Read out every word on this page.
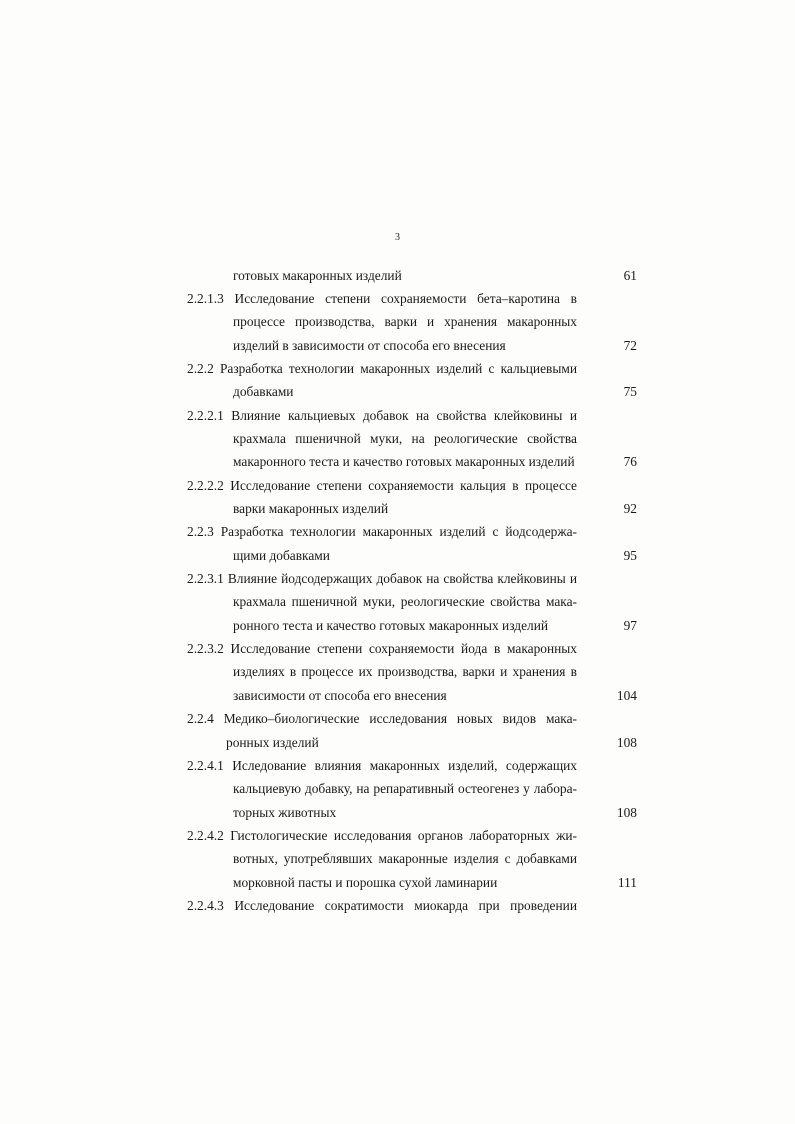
3
готовых макаронных изделий	61
2.2.1.3 Исследование степени сохраняемости бета–каротина в
процессе производства, варки и хранения макаронных
изделий в зависимости от способа его внесения	72
2.2.2 Разработка технологии макаронных изделий с кальциевыми
добавками	75
2.2.2.1 Влияние кальциевых добавок на свойства клейковины и
крахмала пшеничной муки, на реологические свойства
макаронного теста и качество готовых макаронных изделий	76
2.2.2.2 Исследование степени сохраняемости кальция в процессе
варки макаронных изделий	92
2.2.3 Разработка технологии макаронных изделий с йодсодержа-
щими добавками	95
2.2.3.1 Влияние йодсодержащих добавок на свойства клейковины и
крахмала пшеничной муки, реологические свойства мака-
ронного теста и качество готовых макаронных изделий	97
2.2.3.2 Исследование степени сохраняемости йода в макаронных
изделиях в процессе их производства, варки и хранения в
зависимости от способа его внесения	104
2.2.4 Медико–биологические исследования новых видов мака-
ронных изделий	108
2.2.4.1 Иследование влияния макаронных изделий, содержащих
кальциевую добавку, на репаративный остеогенез у лабора-
торных животных	108
2.2.4.2 Гистологические исследования органов лабораторных жи-
вотных, употреблявших макаронные изделия с добавками
морковной пасты и порошка сухой ламинарии	111
2.2.4.3 Исследование сократимости миокарда при проведении
